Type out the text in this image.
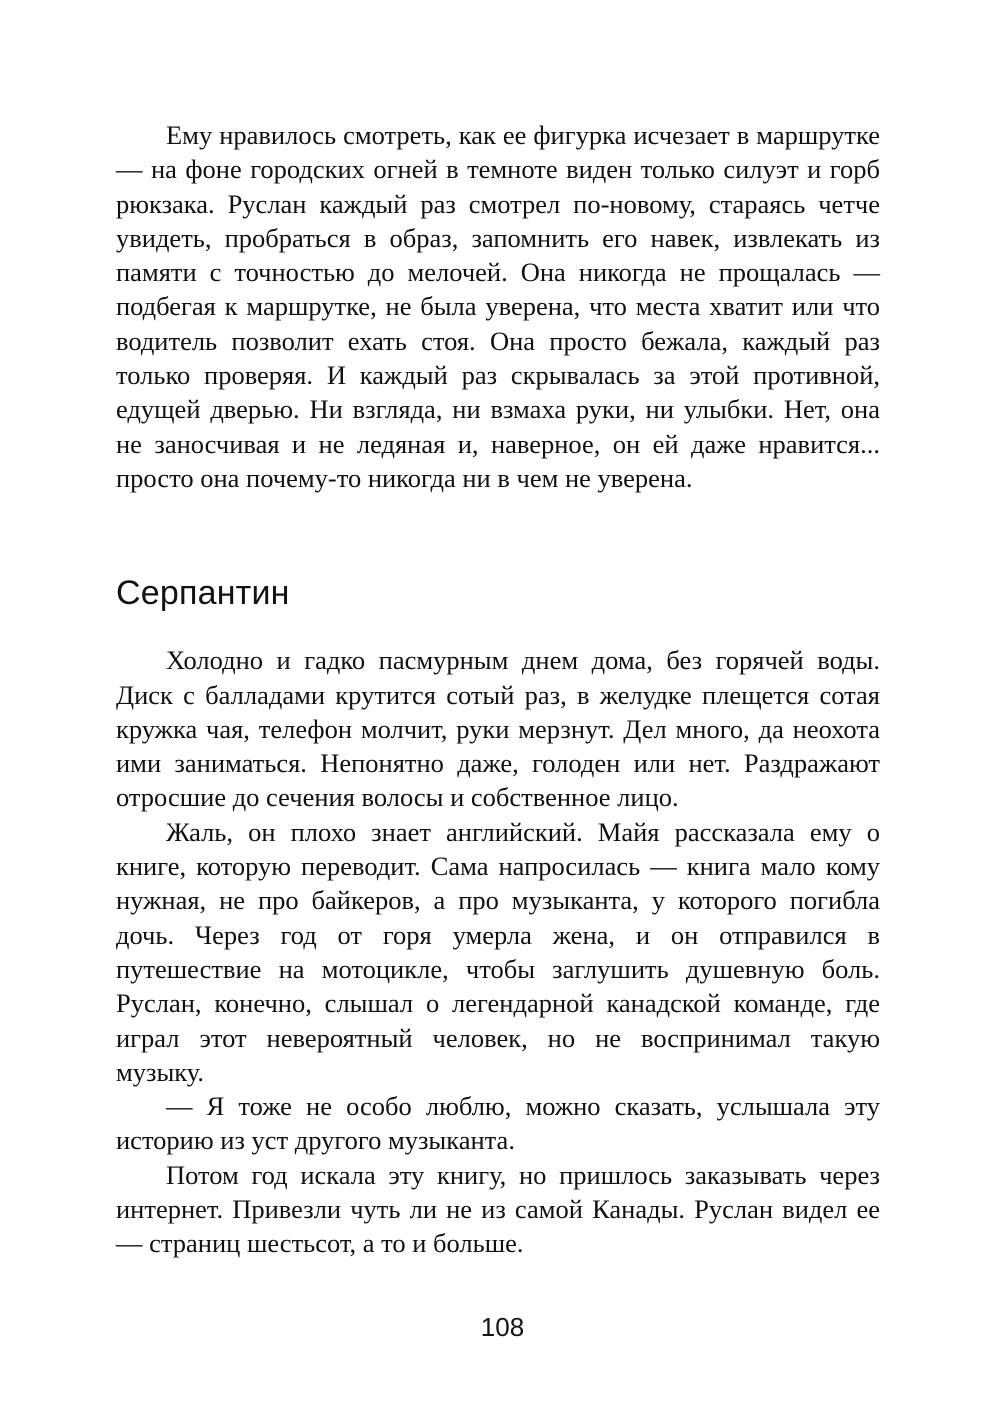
Ему нравилось смотреть, как ее фигурка исчезает в маршрутке — на фоне городских огней в темноте виден только силуэт и горб рюкзака. Руслан каждый раз смотрел по-новому, стараясь четче увидеть, пробраться в образ, запомнить его навек, извлекать из памяти с точностью до мелочей. Она никогда не прощалась — подбегая к маршрутке, не была уверена, что места хватит или что водитель позволит ехать стоя. Она просто бежала, каждый раз только проверяя. И каждый раз скрывалась за этой противной, едущей дверью. Ни взгляда, ни взмаха руки, ни улыбки. Нет, она не заносчивая и не ледяная и, наверное, он ей даже нравится... просто она почему-то никогда ни в чем не уверена.

Серпантин

Холодно и гадко пасмурным днем дома, без горячей воды. Диск с балладами крутится сотый раз, в желудке плещется сотая кружка чая, телефон молчит, руки мерзнут. Дел много, да неохота ими заниматься. Непонятно даже, голоден или нет. Раздражают отросшие до сечения волосы и собственное лицо.

Жаль, он плохо знает английский. Майя рассказала ему о книге, которую переводит. Сама напросилась — книга мало кому нужная, не про байкеров, а про музыканта, у которого погибла дочь. Через год от горя умерла жена, и он отправился в путешествие на мотоцикле, чтобы заглушить душевную боль. Руслан, конечно, слышал о легендарной канадской команде, где играл этот невероятный человек, но не воспринимал такую музыку.

— Я тоже не особо люблю, можно сказать, услышала эту историю из уст другого музыканта.

Потом год искала эту книгу, но пришлось заказывать через интернет. Привезли чуть ли не из самой Канады. Руслан видел ее — страниц шестьсот, а то и больше.

108
